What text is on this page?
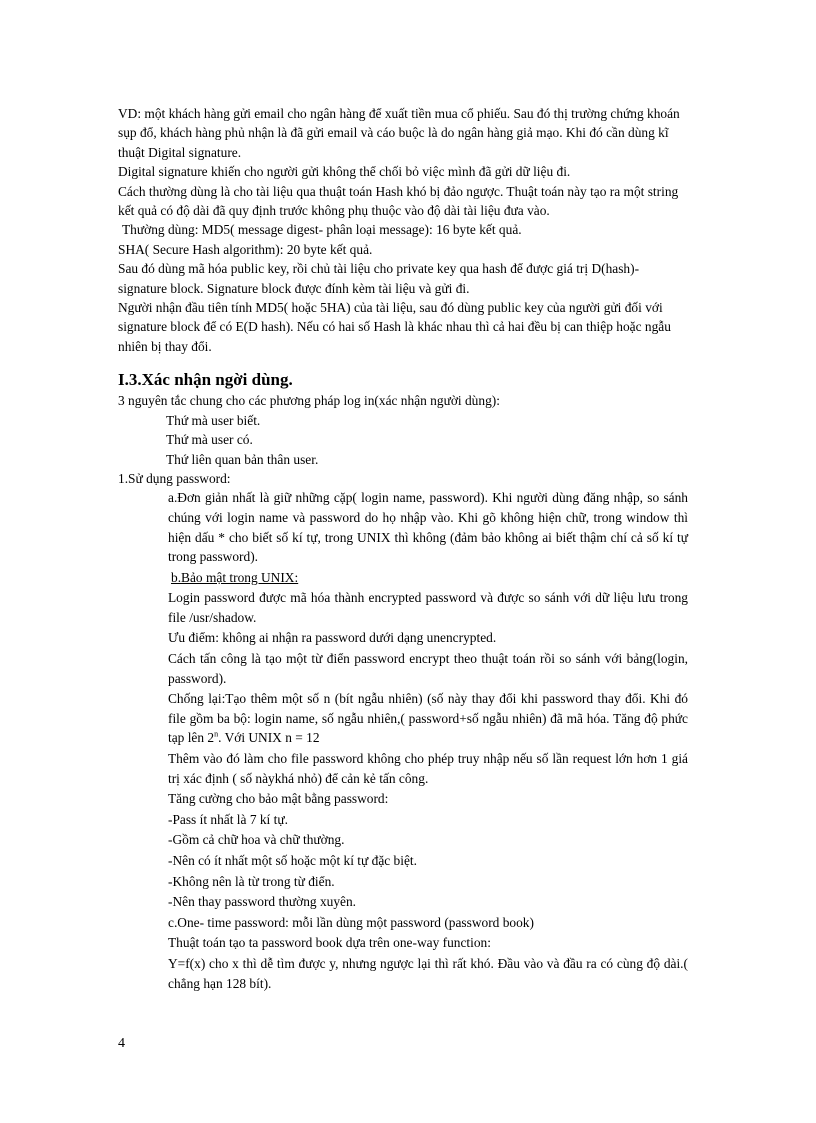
VD: một khách hàng gửi email cho ngân hàng để xuất tiền mua cổ phiếu. Sau đó thị trường chứng khoán sụp đổ, khách hàng phủ nhận là đã gửi email và cáo buộc là do ngân hàng giả mạo. Khi đó cần dùng kĩ thuật Digital signature.

Digital signature khiến cho người gửi không thể chối bỏ việc mình đã gửi dữ liệu đi.

Cách thường dùng là cho tài liệu qua thuật toán Hash khó bị đảo ngược. Thuật toán này tạo ra một string kết quả có độ dài đã quy định trước không phụ thuộc vào độ dài tài liệu đưa vào.

Thường dùng: MD5( message digest- phân loại message): 16 byte kết quả.

SHA( Secure Hash algorithm): 20 byte kết quả.

Sau đó dùng mã hóa public key, rồi chủ tài liệu cho private key qua hash để được giá trị D(hash)- signature block. Signature block được đính kèm tài liệu và gửi đi.

Người nhận đầu tiên tính MD5( hoặc 5HA) của tài liệu, sau đó dùng public key của người gửi đối với signature block để có E(D hash). Nếu có hai số Hash là khác nhau thì cả hai đều bị can thiệp hoặc ngẫu nhiên bị thay đổi.

I.3.Xác nhận ngời dùng.

3 nguyên tắc chung cho các phương pháp log in(xác nhận người dùng):

Thứ mà user biết.

Thứ mà user có.

Thứ liên quan bản thân user.

1.Sử dụng password:

a.Đơn giản nhất là giữ những cặp( login name, password). Khi người dùng đăng nhập, so sánh chúng với login name và password do họ nhập vào. Khi gõ không hiện chữ, trong window thì hiện dấu * cho biết số kí tự, trong UNIX thì không (đảm bảo không ai biết thậm chí cả số kí tự trong password).

b.Bảo mật trong UNIX:

Login password được mã hóa thành encrypted password và được so sánh với dữ liệu lưu trong file /usr/shadow.

Ưu điểm: không ai nhận ra password dưới dạng unencrypted.

Cách tấn công là tạo một từ điển password encrypt theo thuật toán rồi so sánh với bảng(login, password).

Chống lại:Tạo thêm một số n (bít ngẫu nhiên) (số này thay đổi khi password thay đổi. Khi đó file gồm ba bộ: login name, số ngẫu nhiên,( password+số ngẫu nhiên) đã mã hóa. Tăng độ phức tạp lên 2$^n$. Với UNIX n = 12

Thêm vào đó làm cho file password không cho phép truy nhập nếu số lần request lớn hơn 1 giá trị xác định ( số nàykhá nhỏ) để cản kẻ tấn công.

Tăng cường cho bảo mật bằng password:

-Pass ít nhất là 7 kí tự.

-Gồm cả chữ hoa và chữ thường.

-Nên có ít nhất một số hoặc một kí tự đặc biệt.

-Không nên là từ trong từ điển.

-Nên thay password thường xuyên.

c.One- time password: mỗi lần dùng một password (password book)

Thuật toán tạo ta password book dựa trên one-way function:

Y=f(x) cho x thì dễ tìm được y, nhưng ngược lại thì rất khó. Đầu vào và đầu ra có cùng độ dài.( chẳng hạn 128 bít).

4
